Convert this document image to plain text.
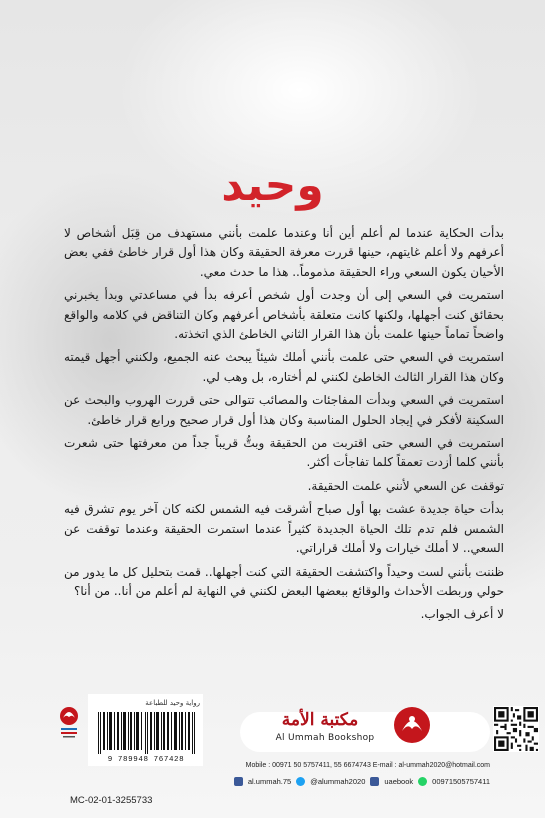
وحيد

بدأت الحكاية عندما لم أعلم أين أنا وعندما علمت بأنني مستهدف من قِبَل أشخاص لا أعرفهم ولا أعلم غايتهم، حينها قررت معرفة الحقيقة وكان هذا أول قرار خاطئ ففي بعض الأحيان يكون السعي وراء الحقيقة مذموماً.. هذا ما حدث معي.

استمريت في السعي إلى أن وجدت أول شخص أعرفه بدأ في مساعدتي وبدأ يخبرني بحقائق كنت أجهلها، ولكنها كانت متعلقة بأشخاص أعرفهم وكان التناقض في كلامه والواقع واضحاً تماماً حينها علمت بأن هذا القرار الثاني الخاطئ الذي اتخذته.

استمريت في السعي حتى علمت بأنني أملك شيئاً يبحث عنه الجميع، ولكنني أجهل قيمته وكان هذا القرار الثالث الخاطئ لكنني لم أختاره، بل وهب لي.

استمريت في السعي وبدأت المفاجئات والمصائب تتوالى حتى قررت الهروب والبحث عن السكينة لأفكر في إيجاد الحلول المناسبة وكان هذا أول قرار صحيح ورابع قرار خاطئ.

استمريت في السعي حتى اقتربت من الحقيقة وبتُّ قريباً جداً من معرفتها حتى شعرت بأنني كلما أزدت تعمقاً كلما تفاجأت أكثر.

توقفت عن السعي لأنني علمت الحقيقة.

بدأت حياة جديدة عشت بها أول صباح أشرقت فيه الشمس لكنه كان آخر يوم تشرق فيه الشمس فلم تدم تلك الحياة الجديدة كثيراً عندما استمرت الحقيقة وعندما توقفت عن السعي.. لا أملك خيارات ولا أملك قراراتي.

ظننت بأنني لست وحيداً واكتشفت الحقيقة التي كنت أجهلها.. قمت بتحليل كل ما يدور من حولي وربطت الأحداث والوقائع ببعضها البعض لكنني في النهاية لم أعلم من أنا.. من أنا؟

لا أعرف الجواب.

مكتبة الأمة
Al Ummah Bookshop
Mobile : 00971 50 5757411, 55 6674743 E-mail : al-ummah2020@hotmail.com
al.ummah.75	@alummah2020	uaebook	00971505757411
رواية وحيد للطباعة
9 789948 767428
MC-02-01-3255733
